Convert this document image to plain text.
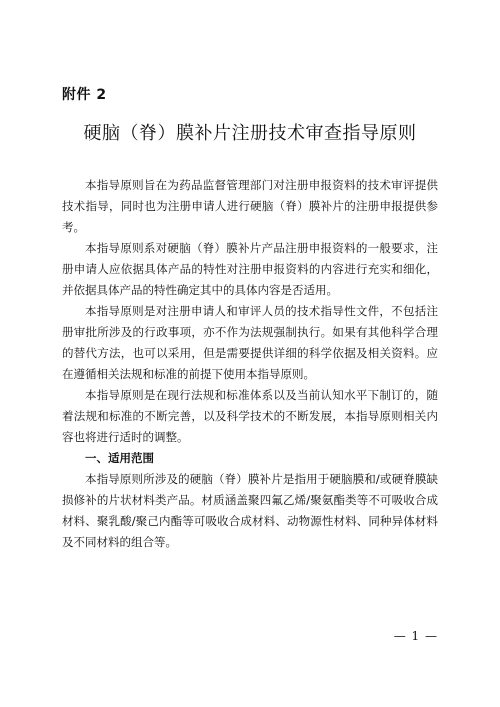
附件 2
硬脑（脊）膜补片注册技术审查指导原则

本指导原则旨在为药品监督管理部门对注册申报资料的技术审评提供技术指导，同时也为注册申请人进行硬脑（脊）膜补片的注册申报提供参考。

本指导原则系对硬脑（脊）膜补片产品注册申报资料的一般要求，注册申请人应依据具体产品的特性对注册申报资料的内容进行充实和细化，并依据具体产品的特性确定其中的具体内容是否适用。

本指导原则是对注册申请人和审评人员的技术指导性文件，不包括注册审批所涉及的行政事项，亦不作为法规强制执行。如果有其他科学合理的替代方法，也可以采用，但是需要提供详细的科学依据及相关资料。应在遵循相关法规和标准的前提下使用本指导原则。

本指导原则是在现行法规和标准体系以及当前认知水平下制订的，随着法规和标准的不断完善，以及科学技术的不断发展，本指导原则相关内容也将进行适时的调整。

一、适用范围

本指导原则所涉及的硬脑（脊）膜补片是指用于硬脑膜和/或硬脊膜缺损修补的片状材料类产品。材质涵盖聚四氟乙烯/聚氨酯类等不可吸收合成材料、聚乳酸/聚己内酯等可吸收合成材料、动物源性材料、同种异体材料及不同材料的组合等。

— 1 —
